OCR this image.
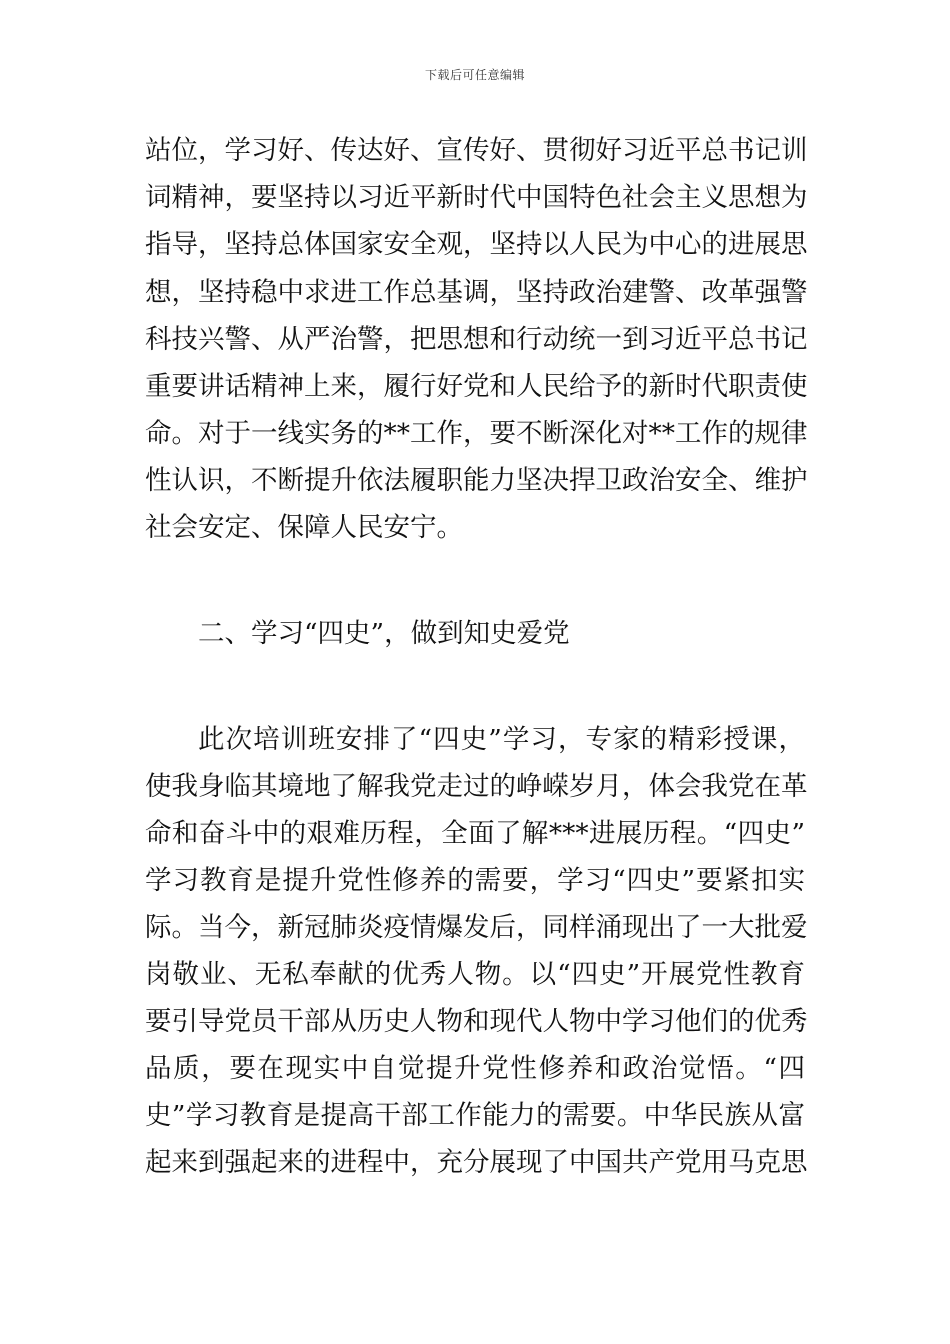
下载后可任意编辑
站位，学习好、传达好、宣传好、贯彻好习近平总书记训
词精神，要坚持以习近平新时代中国特色社会主义思想为
指导，坚持总体国家安全观，坚持以人民为中心的进展思
想，坚持稳中求进工作总基调，坚持政治建警、改革强警
科技兴警、从严治警，把思想和行动统一到习近平总书记
重要讲话精神上来，履行好党和人民给予的新时代职责使
命。对于一线实务的**工作，要不断深化对**工作的规律
性认识，不断提升依法履职能力坚决捍卫政治安全、维护
社会安定、保障人民安宁。
二、学习“四史”，做到知史爱党
此次培训班安排了“四史”学习，专家的精彩授课，
使我身临其境地了解我党走过的峥嵘岁月，体会我党在革
命和奋斗中的艰难历程，全面了解***进展历程。“四史”
学习教育是提升党性修养的需要，学习“四史”要紧扣实
际。当今，新冠肺炎疫情爆发后，同样涌现出了一大批爱
岗敬业、无私奉献的优秀人物。以“四史”开展党性教育
要引导党员干部从历史人物和现代人物中学习他们的优秀
品质，要在现实中自觉提升党性修养和政治觉悟。“四
史”学习教育是提高干部工作能力的需要。中华民族从富
起来到强起来的进程中，充分展现了中国共产党用马克思
